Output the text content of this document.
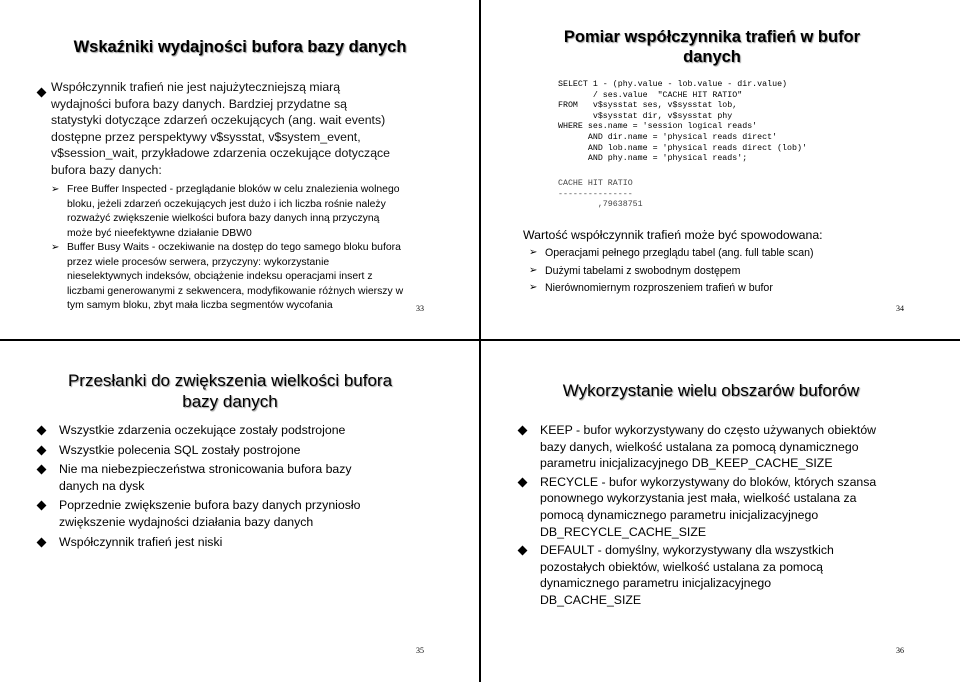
Wskaźniki wydajności bufora bazy danych
Współczynnik trafień nie jest najużyteczniejszą miarą
wydajności bufora bazy danych. Bardziej przydatne są
statystyki dotyczące zdarzeń oczekujących (ang. wait events)
dostępne przez perspektywy v$sysstat, v$system_event,
v$session_wait, przykładowe zdarzenia oczekujące dotyczące
bufora bazy danych:
➢ Free Buffer Inspected - przeglądanie bloków w celu znalezienia wolnego
bloku, jeżeli zdarzeń oczekujących jest dużo i ich liczba rośnie należy
rozważyć zwiększenie wielkości bufora bazy danych inną przyczyną
może być nieefektywne działanie DBW0
➢ Buffer Busy Waits - oczekiwanie na dostęp do tego samego bloku bufora
przez wiele procesów serwera, przyczyny: wykorzystanie
nieselektywnych indeksów, obciążenie indeksu operacjami insert z
liczbami generowanymi z sekwencera, modyfikowanie różnych wierszy w
tym samym bloku, zbyt mała liczba segmentów wycofania	33
Pomiar współczynnika trafień w bufor
danych
SELECT 1 - (phy.value - lob.value - dir.value)
/ ses.value  "CACHE HIT RATIO"
FROM   v$sysstat ses, v$sysstat lob,
v$sysstat dir, v$sysstat phy
WHERE ses.name = 'session logical reads'
AND dir.name = 'physical reads direct'
AND lob.name = 'physical reads direct (lob)'
AND phy.name = 'physical reads';
CACHE HIT RATIO
---------------
,79638751
Wartość współczynnik trafień może być spowodowana:
➢ Operacjami pełnego przeglądu tabel (ang. full table scan)
➢ Dużymi tabelami z swobodnym dostępem
➢ Nierównomiernym rozproszeniem trafień w bufor
34
Przesłanki do zwiększenia wielkości bufora
bazy danych
Wszystkie zdarzenia oczekujące zostały podstrojone
Wszystkie polecenia SQL zostały postrojone
Nie ma niebezpieczeństwa stronicowania bufora bazy
danych na dysk
Poprzednie zwiększenie bufora bazy danych przyniosło
zwiększenie wydajności działania bazy danych
Współczynnik trafień jest niski
35
Wykorzystanie wielu obszarów buforów
KEEP - bufor wykorzystywany do często używanych obiektów
bazy danych, wielkość ustalana za pomocą dynamicznego
parametru inicjalizacyjnego DB_KEEP_CACHE_SIZE
RECYCLE - bufor wykorzystywany do bloków, których szansa
ponownego wykorzystania jest mała, wielkość ustalana za
pomocą dynamicznego parametru inicjalizacyjnego
DB_RECYCLE_CACHE_SIZE
DEFAULT - domyślny, wykorzystywany dla wszystkich
pozostałych obiektów, wielkość ustalana za pomocą
dynamicznego parametru inicjalizacyjnego
DB_CACHE_SIZE
36
